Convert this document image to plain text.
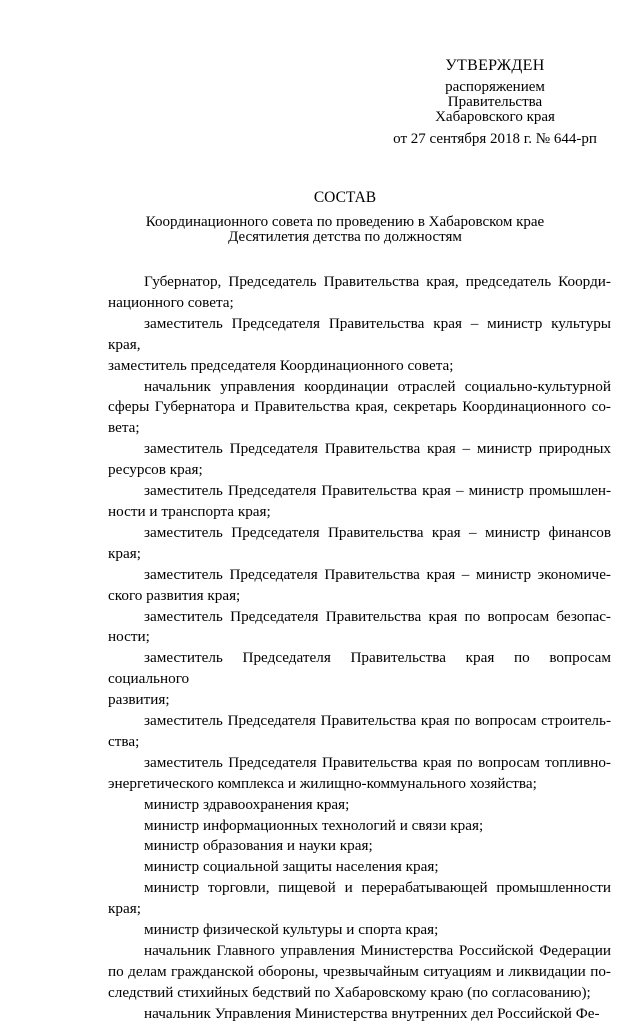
УТВЕРЖДЕН
распоряжением
Правительства
Хабаровского края
от 27 сентября 2018 г. № 644-рп
СОСТАВ
Координационного совета по проведению в Хабаровском крае
Десятилетия детства по должностям
Губернатор, Председатель Правительства края, председатель Коорди-
национного совета;
заместитель Председателя Правительства края – министр культуры края,
заместитель председателя Координационного совета;
начальник управления координации отраслей социально-культурной
сферы Губернатора и Правительства края, секретарь Координационного со-
вета;
заместитель Председателя Правительства края – министр природных
ресурсов края;
заместитель Председателя Правительства края – министр промышлен-
ности и транспорта края;
заместитель Председателя Правительства края – министр финансов края;
заместитель Председателя Правительства края – министр экономиче-
ского развития края;
заместитель Председателя Правительства края по вопросам безопас-
ности;
заместитель Председателя Правительства края по вопросам социального
развития;
заместитель Председателя Правительства края по вопросам строитель-
ства;
заместитель Председателя Правительства края по вопросам топливно-
энергетического комплекса и жилищно-коммунального хозяйства;
министр здравоохранения края;
министр информационных технологий и связи края;
министр образования и науки края;
министр социальной защиты населения края;
министр торговли, пищевой и перерабатывающей промышленности края;
министр физической культуры и спорта края;
начальник Главного управления Министерства Российской Федерации
по делам гражданской обороны, чрезвычайным ситуациям и ликвидации по-
следствий стихийных бедствий по Хабаровскому краю (по согласованию);
начальник Управления Министерства внутренних дел Российской Фе-
